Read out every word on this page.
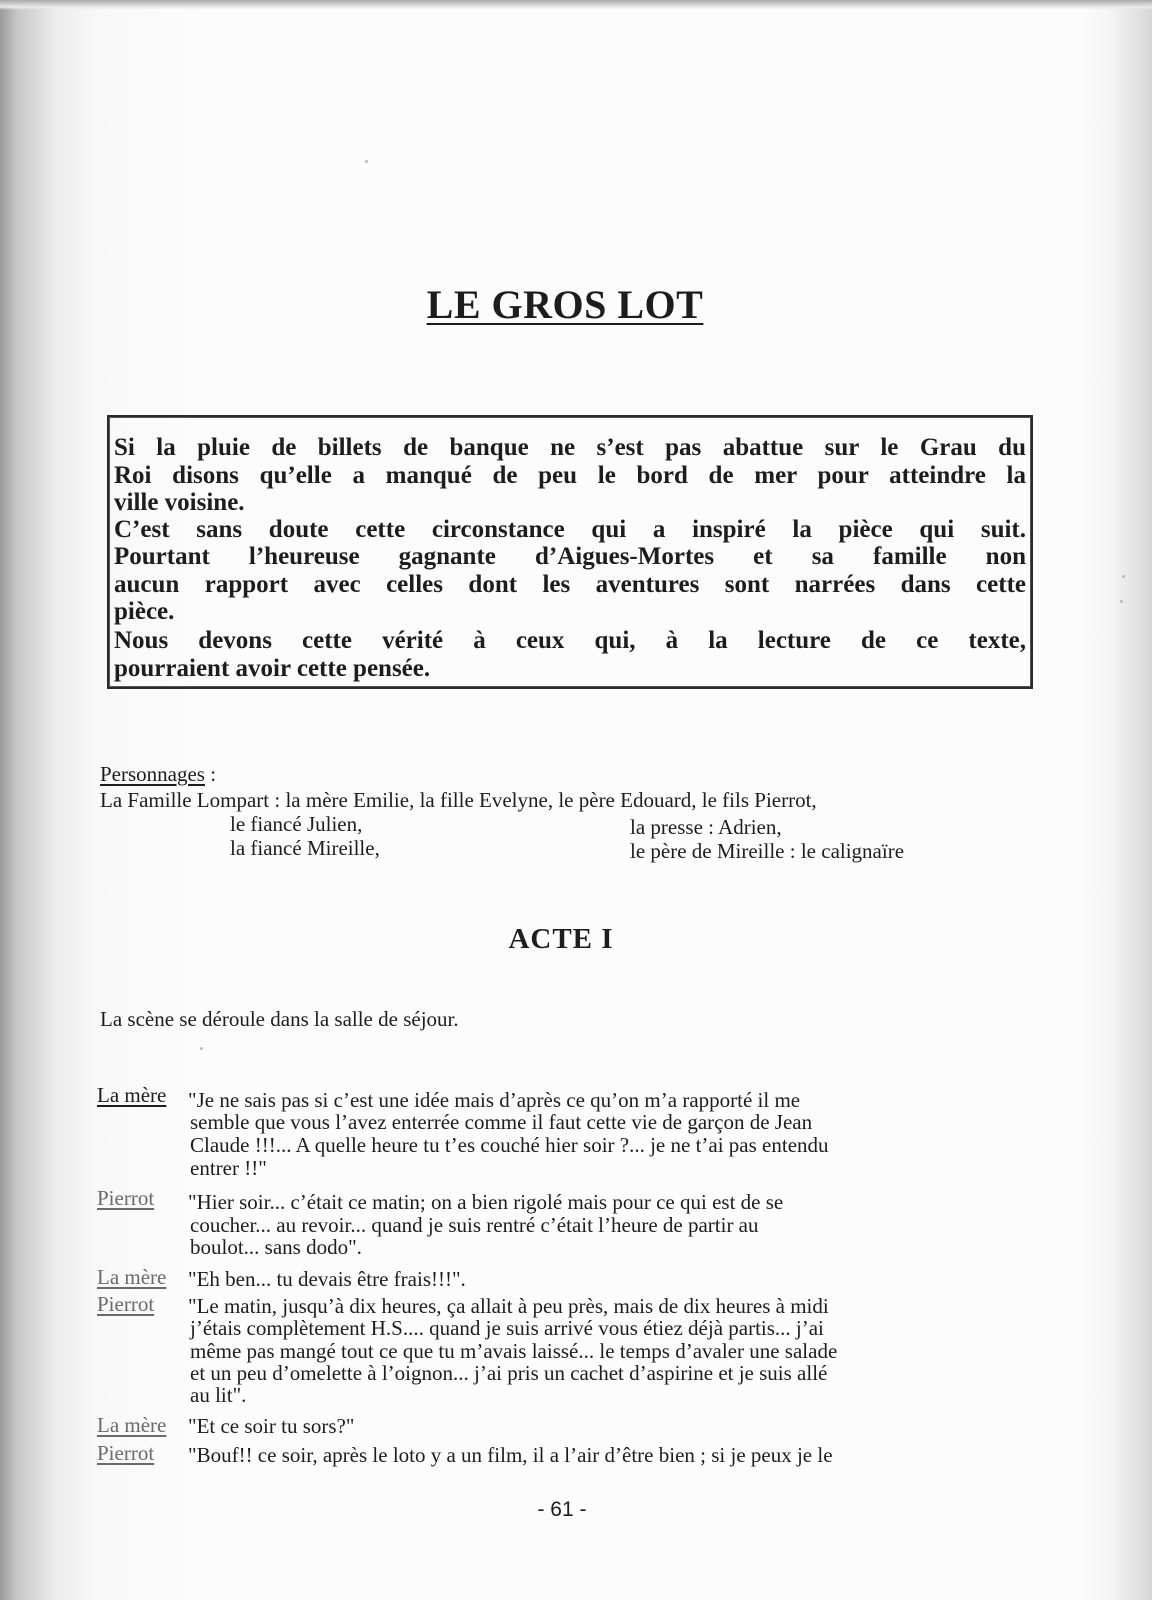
LE GROS LOT
Si la pluie de billets de banque ne s’est pas abattue sur le Grau du
Roi disons qu’elle a manqué de peu le bord de mer pour atteindre la
ville voisine.
C’est sans doute cette circonstance qui a inspiré la pièce qui suit.
Pourtant l’heureuse gagnante d’Aigues-Mortes et sa famille non
aucun rapport avec celles dont les aventures sont narrées dans cette
pièce.
Nous devons cette vérité à ceux qui, à la lecture de ce texte,
pourraient avoir cette pensée.
Personnages :
La Famille Lompart : la mère Emilie, la fille Evelyne, le père Edouard, le fils Pierrot,
le fiancé Julien,
la fiancé Mireille,
la presse : Adrien,
le père de Mireille : le calignaïre
ACTE I
La scène se déroule dans la salle de séjour.
La mère "Je ne sais pas si c’est une idée mais d’après ce qu’on m’a rapporté il me
semble que vous l’avez enterrée comme il faut cette vie de garçon de Jean
Claude !!!... A quelle heure tu t’es couché hier soir ?... je ne t’ai pas entendu
entrer !!"
Pierrot "Hier soir... c’était ce matin; on a bien rigolé mais pour ce qui est de se
coucher... au revoir... quand je suis rentré c’était l’heure de partir au
boulot... sans dodo".
La mère "Eh ben... tu devais être frais!!!".
Pierrot "Le matin, jusqu’à dix heures, ça allait à peu près, mais de dix heures à midi
j’étais complètement H.S.... quand je suis arrivé vous étiez déjà partis... j’ai
même pas mangé tout ce que tu m’avais laissé... le temps d’avaler une salade
et un peu d’omelette à l’oignon... j’ai pris un cachet d’aspirine et je suis allé
au lit".
La mère "Et ce soir tu sors?"
Pierrot "Bouf!! ce soir, après le loto y a un film, il a l’air d’être bien ; si je peux je le
- 61 -
